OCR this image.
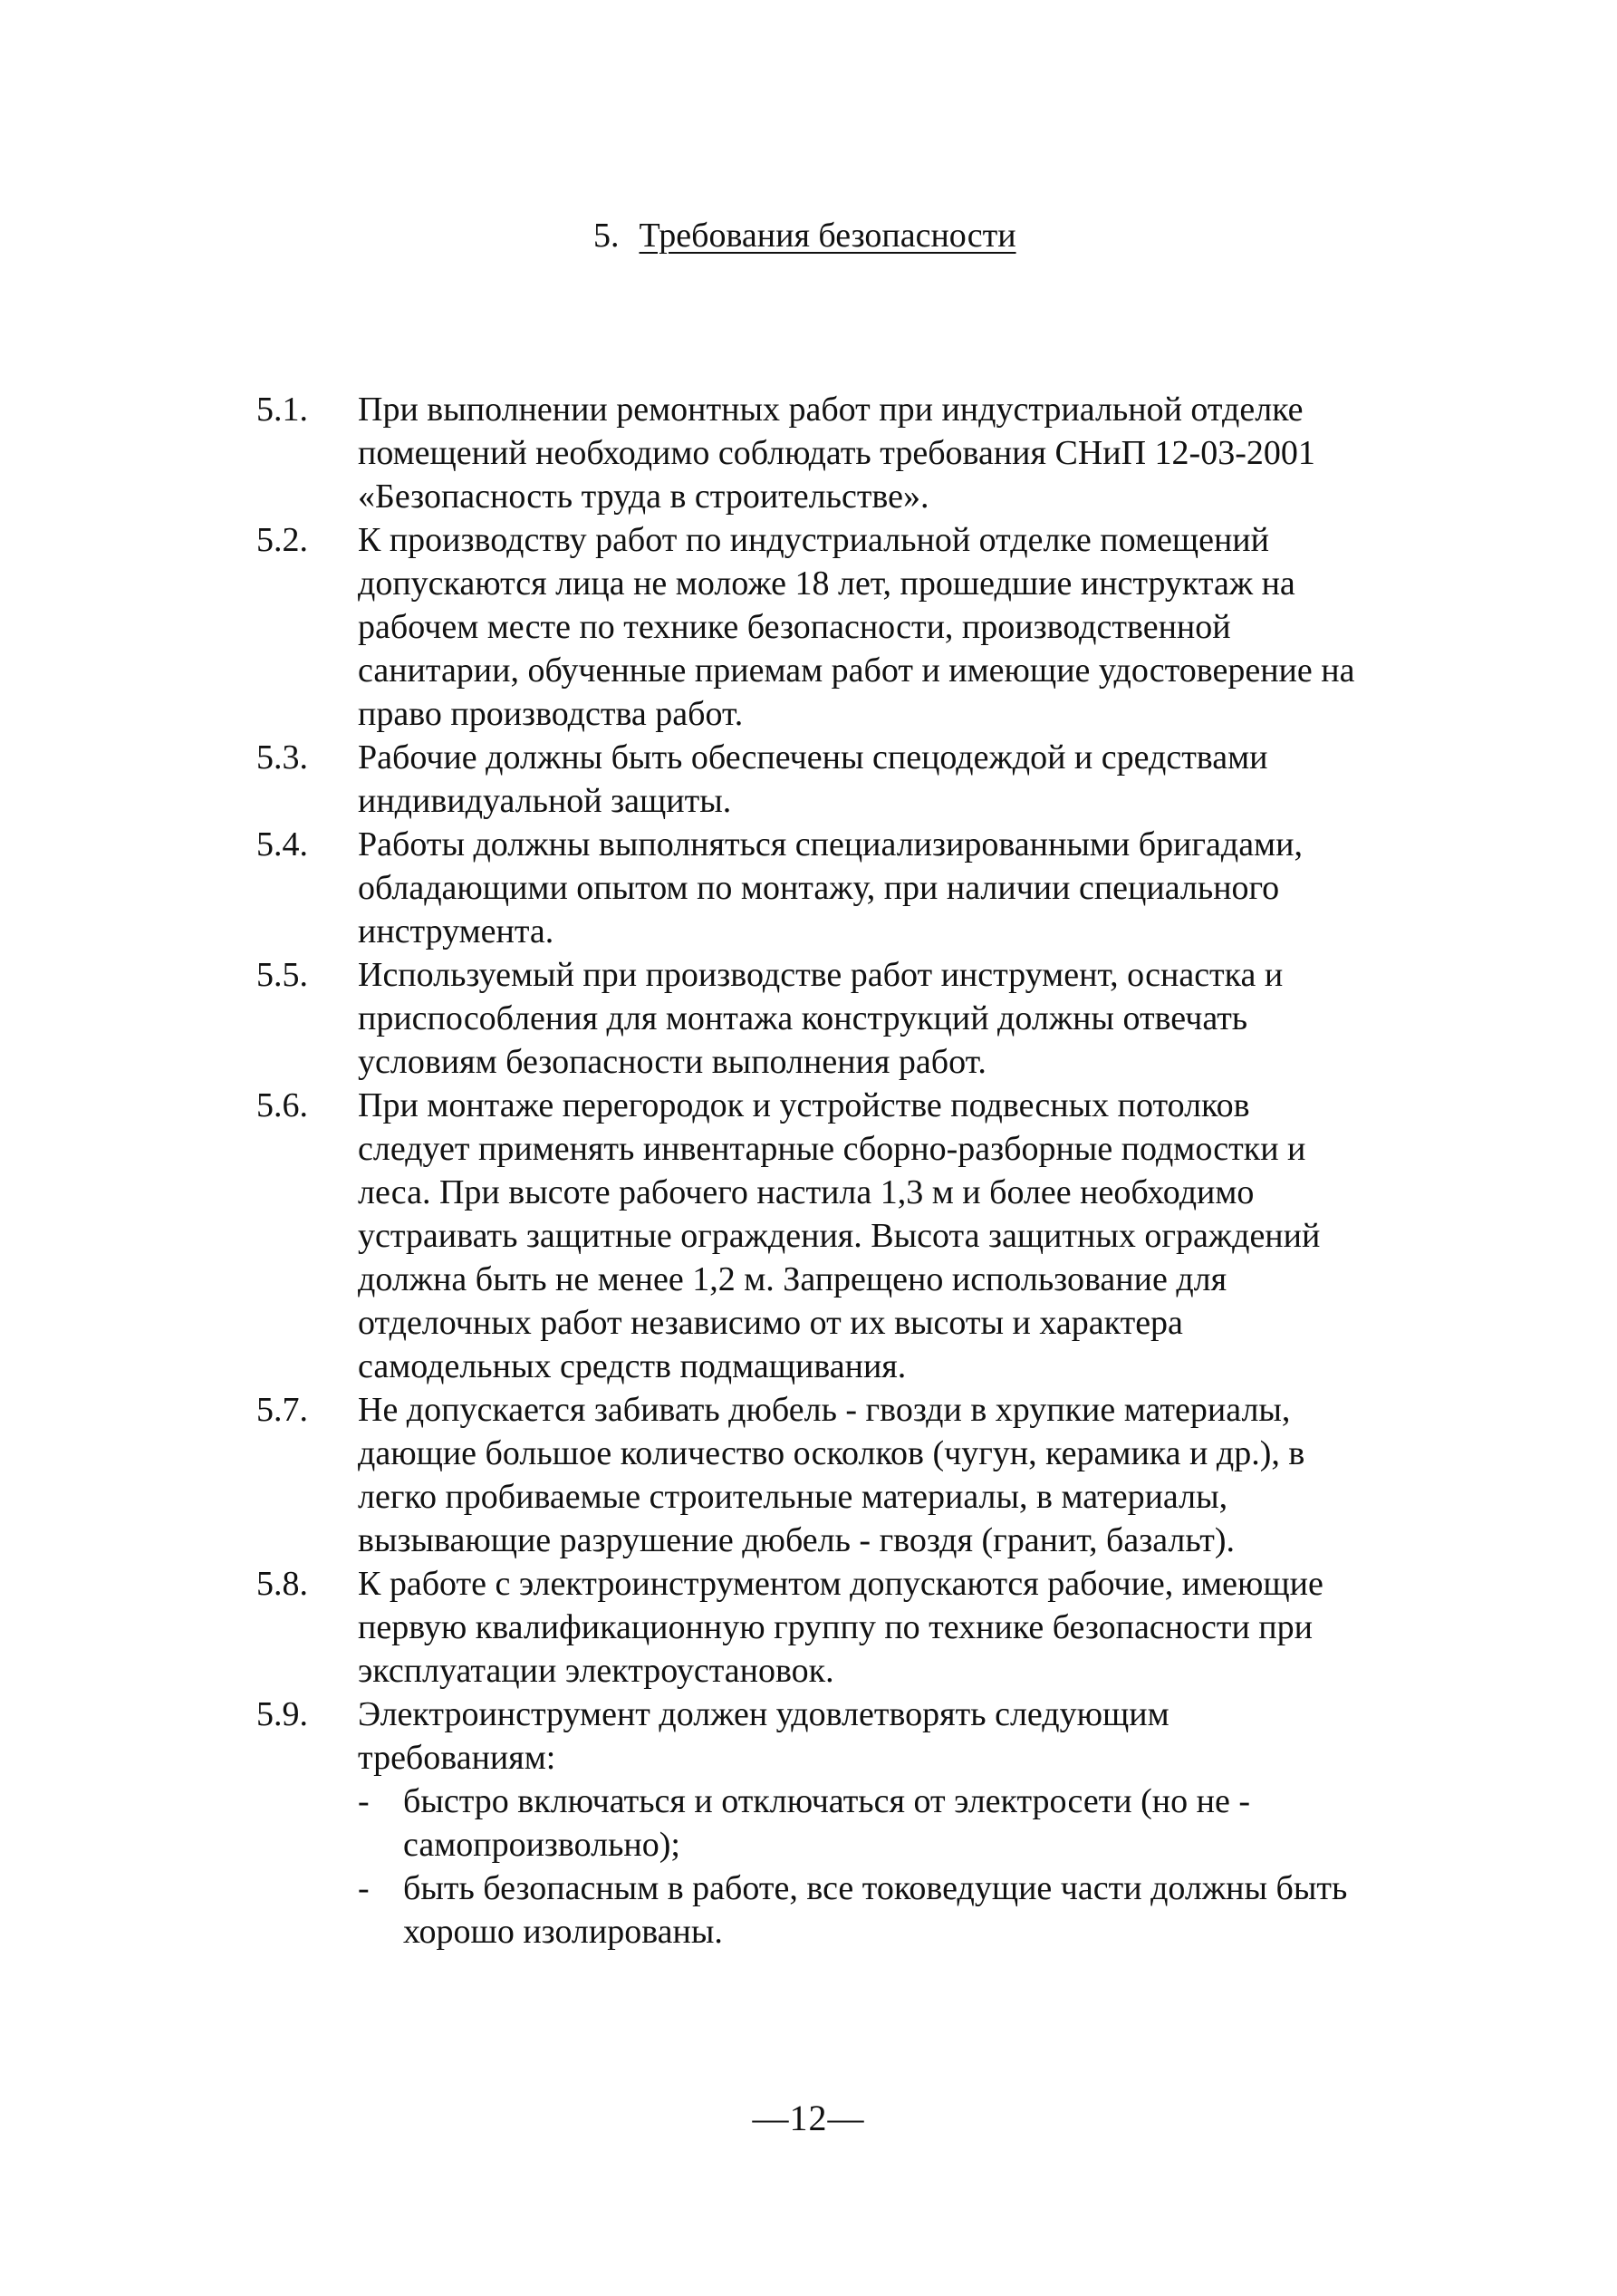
5. Требования безопасности
5.1.	При выполнении ремонтных работ при индустриальной отделке
помещений необходимо соблюдать требования СНиП 12-03-2001
«Безопасность труда в строительстве».
5.2.	К производству работ по индустриальной отделке помещений
допускаются лица не моложе 18 лет, прошедшие инструктаж на
рабочем месте по технике безопасности, производственной
санитарии, обученные приемам работ и имеющие удостоверение на
право производства работ.
5.3.	Рабочие должны быть обеспечены спецодеждой и средствами
индивидуальной защиты.
5.4.	Работы должны выполняться специализированными бригадами,
обладающими опытом по монтажу, при наличии специального
инструмента.
5.5.	Используемый при производстве работ инструмент, оснастка и
приспособления для монтажа конструкций должны отвечать
условиям безопасности выполнения работ.
5.6.	При монтаже перегородок и устройстве подвесных потолков
следует применять инвентарные сборно-разборные подмостки и
леса. При высоте рабочего настила 1,3 м и более необходимо
устраивать защитные ограждения. Высота защитных ограждений
должна быть не менее 1,2 м. Запрещено использование для
отделочных работ независимо от их высоты и характера
самодельных средств подмащивания.
5.7.	Не допускается забивать дюбель - гвозди в хрупкие материалы,
дающие большое количество осколков (чугун, керамика и др.), в
легко пробиваемые строительные материалы, в материалы,
вызывающие разрушение дюбель - гвоздя (гранит, базальт).
5.8.	К работе с электроинструментом допускаются рабочие, имеющие
первую квалификационную группу по технике безопасности при
эксплуатации электроустановок.
5.9.	Электроинструмент должен удовлетворять следующим
требованиям:
- быстро включаться и отключаться от электросети (но не -
самопроизвольно);
- быть безопасным в работе, все токоведущие части должны быть
хорошо изолированы.
—12—
